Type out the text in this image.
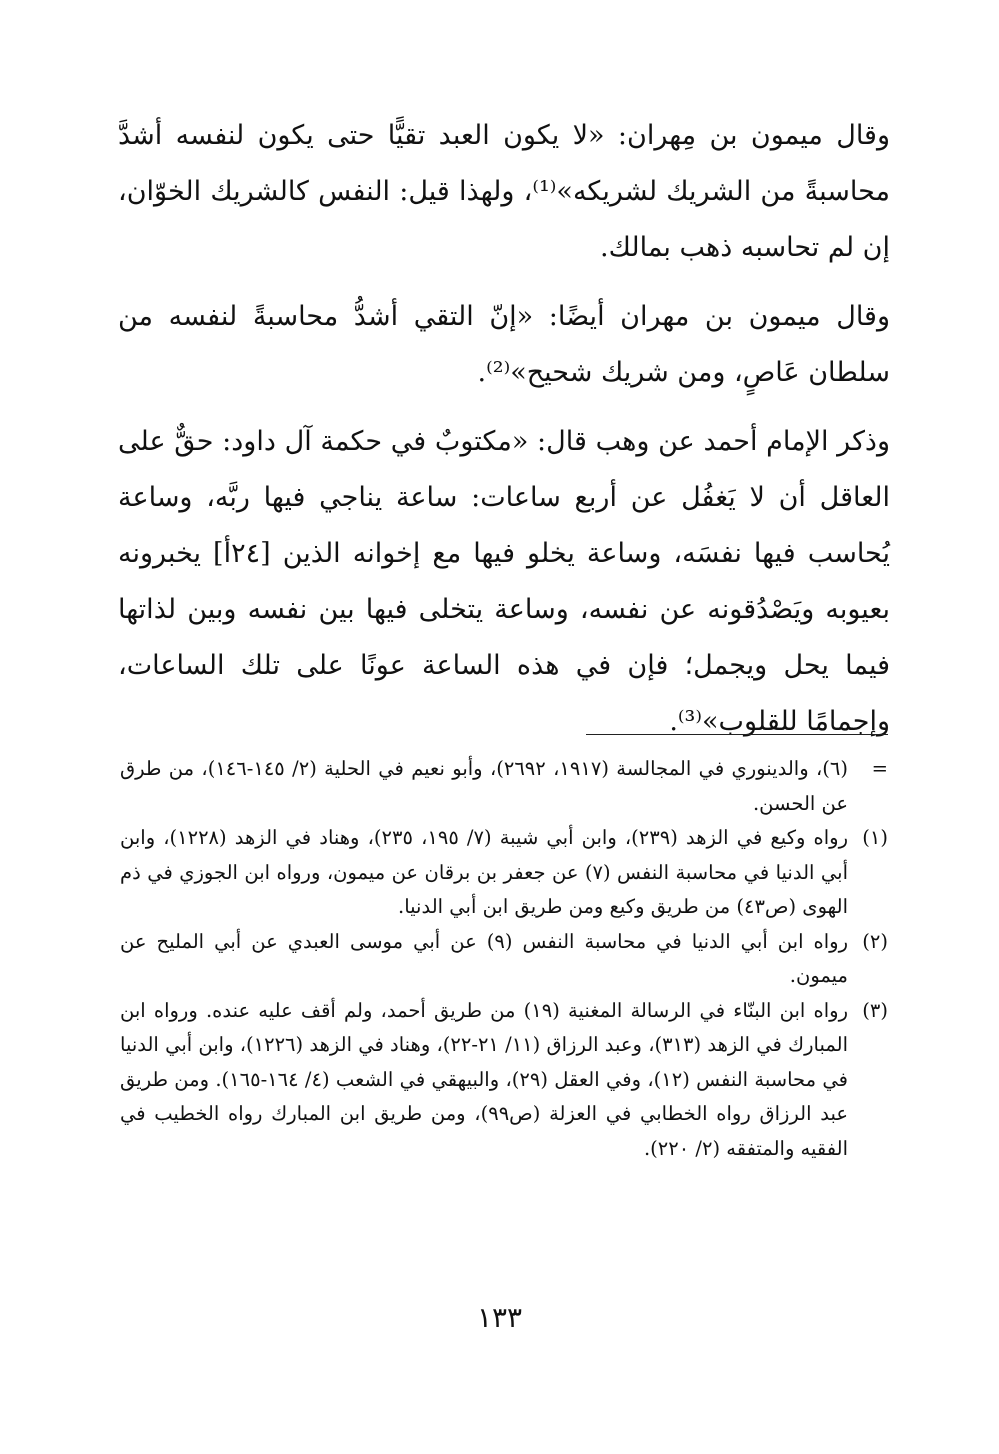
وقال ميمون بن مِهران: «لا يكون العبد تقيًّا حتى يكون لنفسه أشدَّ محاسبةً من الشريك لشريكه»⁽¹⁾، ولهذا قيل: النفس كالشريك الخوّان، إن لم تحاسبه ذهب بمالك.

وقال ميمون بن مهران أيضًا: «إنّ التقي أشدُّ محاسبةً لنفسه من سلطان عَاصٍ، ومن شريك شحيح»⁽²⁾.

وذكر الإمام أحمد عن وهب قال: «مكتوبٌ في حكمة آل داود: حقٌّ على العاقل أن لا يَغفُل عن أربع ساعات: ساعة يناجي فيها ربَّه، وساعة يُحاسب فيها نفسَه، وساعة يخلو فيها مع إخوانه الذين [٢٤أ] يخبرونه بعيوبه ويَصْدُقونه عن نفسه، وساعة يتخلى فيها بين نفسه وبين لذاتها فيما يحل ويجمل؛ فإن في هذه الساعة عونًا على تلك الساعات، وإجمامًا للقلوب»⁽³⁾.

=
(٦)، والدينوري في المجالسة (١٩١٧، ٢٦٩٢)، وأبو نعيم في الحلية (٢/ ١٤٥-١٤٦)، من طرق عن الحسن.
(١)
رواه وكيع في الزهد (٢٣٩)، وابن أبي شيبة (٧/ ١٩٥، ٢٣٥)، وهناد في الزهد (١٢٢٨)، وابن أبي الدنيا في محاسبة النفس (٧) عن جعفر بن برقان عن ميمون، ورواه ابن الجوزي في ذم الهوى (ص٤٣) من طريق وكيع ومن طريق ابن أبي الدنيا.
(٢)
رواه ابن أبي الدنيا في محاسبة النفس (٩) عن أبي موسى العبدي عن أبي المليح عن ميمون.
(٣)
رواه ابن البنّاء في الرسالة المغنية (١٩) من طريق أحمد، ولم أقف عليه عنده. ورواه ابن المبارك في الزهد (٣١٣)، وعبد الرزاق (١١/ ٢١-٢٢)، وهناد في الزهد (١٢٢٦)، وابن أبي الدنيا في محاسبة النفس (١٢)، وفي العقل (٢٩)، والبيهقي في الشعب (٤/ ١٦٤-١٦٥). ومن طريق عبد الرزاق رواه الخطابي في العزلة (ص٩٩)، ومن طريق ابن المبارك رواه الخطيب في الفقيه والمتفقه (٢/ ٢٢٠).
١٣٣
